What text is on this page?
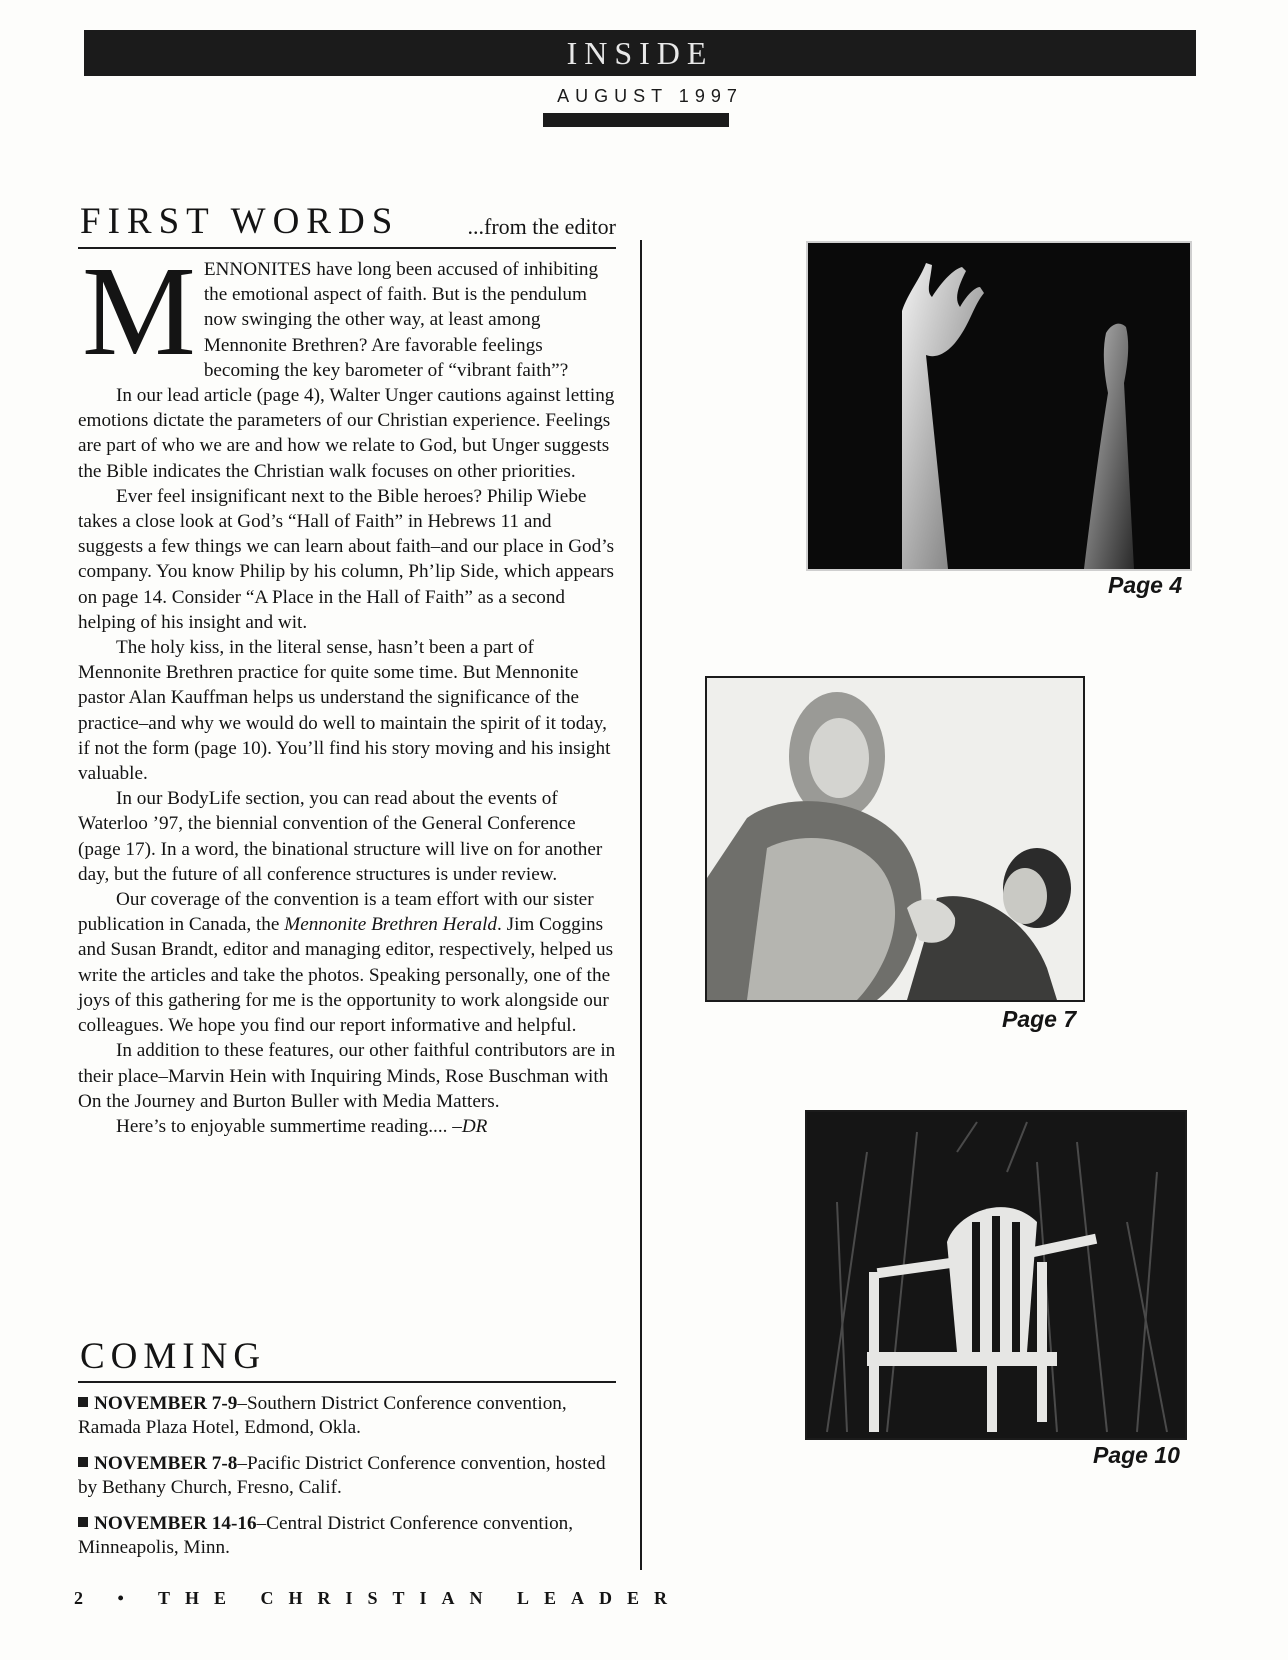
INSIDE
AUGUST 1997
FIRST WORDS	...from the editor

MENNONITES have long been accused of inhibiting the emotional aspect of faith. But is the pendulum now swinging the other way, at least among Mennonite Brethren? Are favorable feelings becoming the key barometer of “vibrant faith”?

In our lead article (page 4), Walter Unger cautions against letting emotions dictate the parameters of our Christian experience. Feelings are part of who we are and how we relate to God, but Unger suggests the Bible indicates the Christian walk focuses on other priorities.

Ever feel insignificant next to the Bible heroes? Philip Wiebe takes a close look at God’s “Hall of Faith” in Hebrews 11 and suggests a few things we can learn about faith–and our place in God’s company. You know Philip by his column, Ph’lip Side, which appears on page 14. Consider “A Place in the Hall of Faith” as a second helping of his insight and wit.

The holy kiss, in the literal sense, hasn’t been a part of Mennonite Brethren practice for quite some time. But Mennonite pastor Alan Kauffman helps us understand the significance of the practice–and why we would do well to maintain the spirit of it today, if not the form (page 10). You’ll find his story moving and his insight valuable.

In our BodyLife section, you can read about the events of Waterloo ’97, the biennial convention of the General Conference (page 17). In a word, the binational structure will live on for another day, but the future of all conference structures is under review.

Our coverage of the convention is a team effort with our sister publication in Canada, the Mennonite Brethren Herald. Jim Coggins and Susan Brandt, editor and managing editor, respectively, helped us write the articles and take the photos. Speaking personally, one of the joys of this gathering for me is the opportunity to work alongside our colleagues. We hope you find our report informative and helpful.

In addition to these features, our other faithful contributors are in their place–Marvin Hein with Inquiring Minds, Rose Buschman with On the Journey and Burton Buller with Media Matters.

Here’s to enjoyable summertime reading.... –DR

COMING
NOVEMBER 7-9–Southern District Conference convention, Ramada Plaza Hotel, Edmond, Okla.
NOVEMBER 7-8–Pacific District Conference convention, hosted by Bethany Church, Fresno, Calif.
NOVEMBER 14-16–Central District Conference convention, Minneapolis, Minn.
2 • THE CHRISTIAN LEADER
Page 4
Page 7
Page 10
